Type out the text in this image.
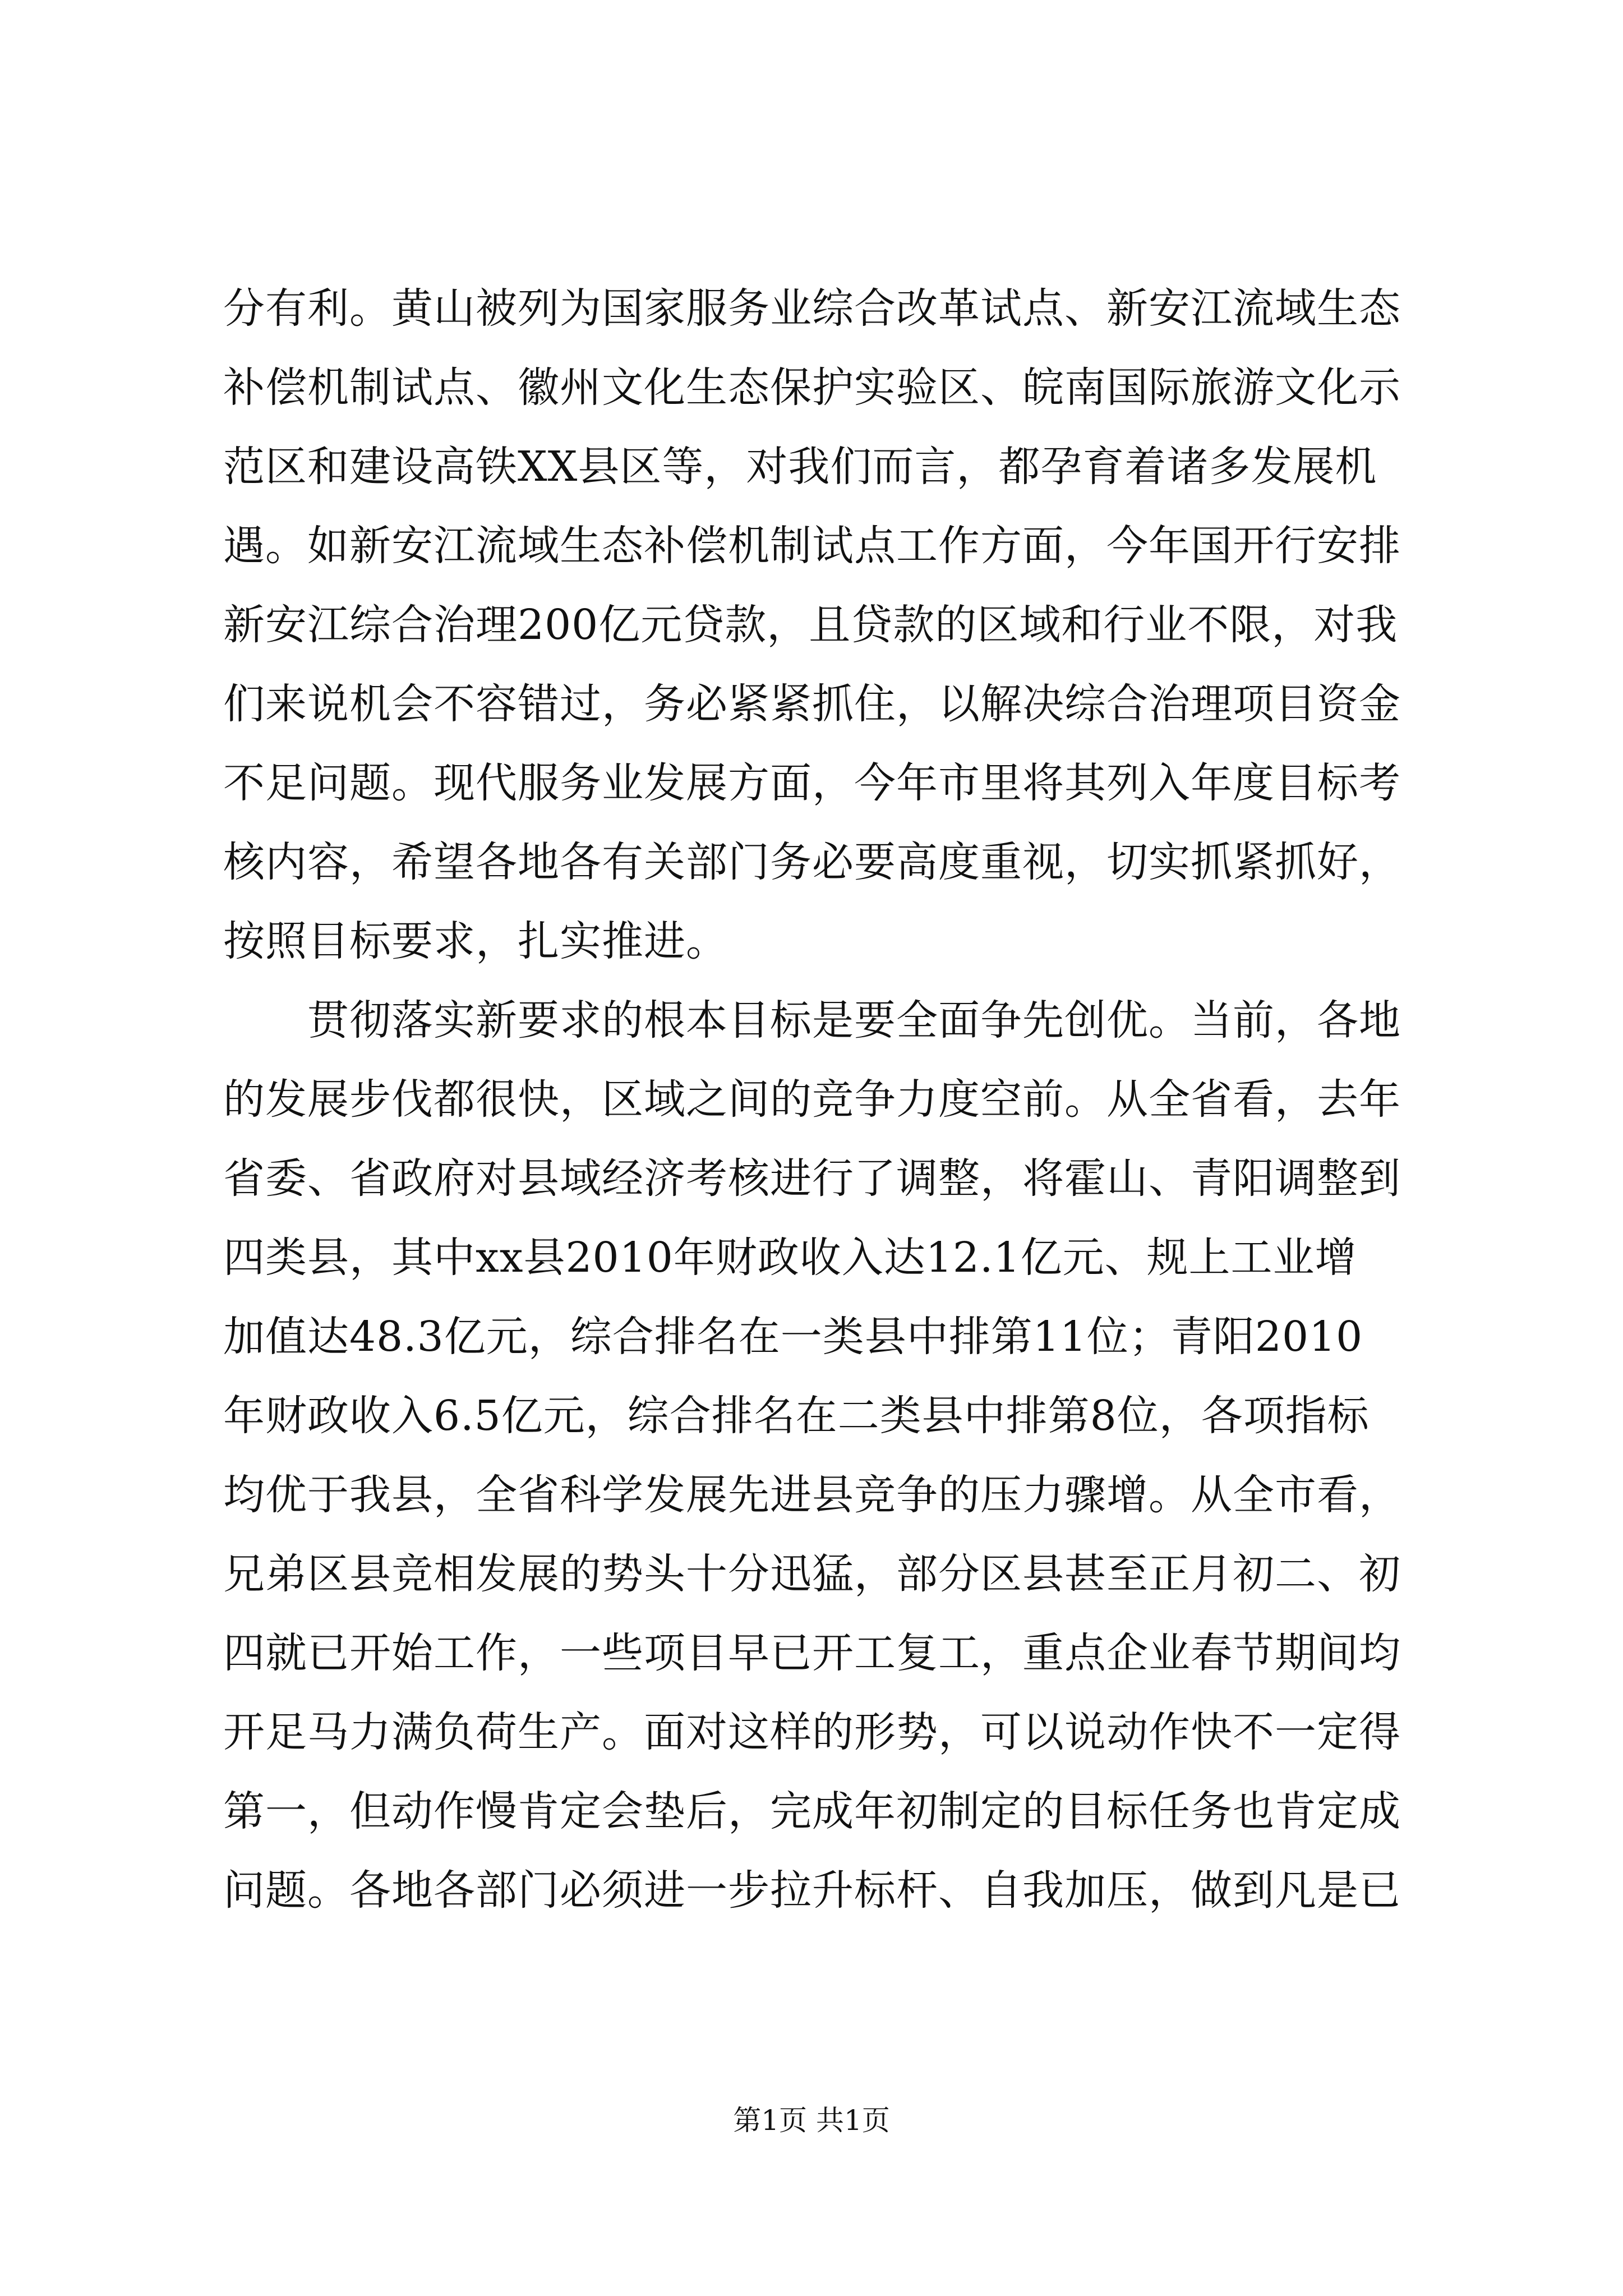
分有利。黄山被列为国家服务业综合改革试点、新安江流域生态
补偿机制试点、徽州文化生态保护实验区、皖南国际旅游文化示
范区和建设高铁XX县区等，对我们而言，都孕育着诸多发展机
遇。如新安江流域生态补偿机制试点工作方面，今年国开行安排
新安江综合治理200亿元贷款，且贷款的区域和行业不限，对我
们来说机会不容错过，务必紧紧抓住，以解决综合治理项目资金
不足问题。现代服务业发展方面，今年市里将其列入年度目标考
核内容，希望各地各有关部门务必要高度重视，切实抓紧抓好，
按照目标要求，扎实推进。
　　贯彻落实新要求的根本目标是要全面争先创优。当前，各地
的发展步伐都很快，区域之间的竞争力度空前。从全省看，去年
省委、省政府对县域经济考核进行了调整，将霍山、青阳调整到
四类县，其中xx县2010年财政收入达12.1亿元、规上工业增
加值达48.3亿元，综合排名在一类县中排第11位；青阳2010
年财政收入6.5亿元，综合排名在二类县中排第8位，各项指标
均优于我县，全省科学发展先进县竞争的压力骤增。从全市看，
兄弟区县竞相发展的势头十分迅猛，部分区县甚至正月初二、初
四就已开始工作，一些项目早已开工复工，重点企业春节期间均
开足马力满负荷生产。面对这样的形势，可以说动作快不一定得
第一，但动作慢肯定会垫后，完成年初制定的目标任务也肯定成
问题。各地各部门必须进一步拉升标杆、自我加压，做到凡是已
第1页 共1页
